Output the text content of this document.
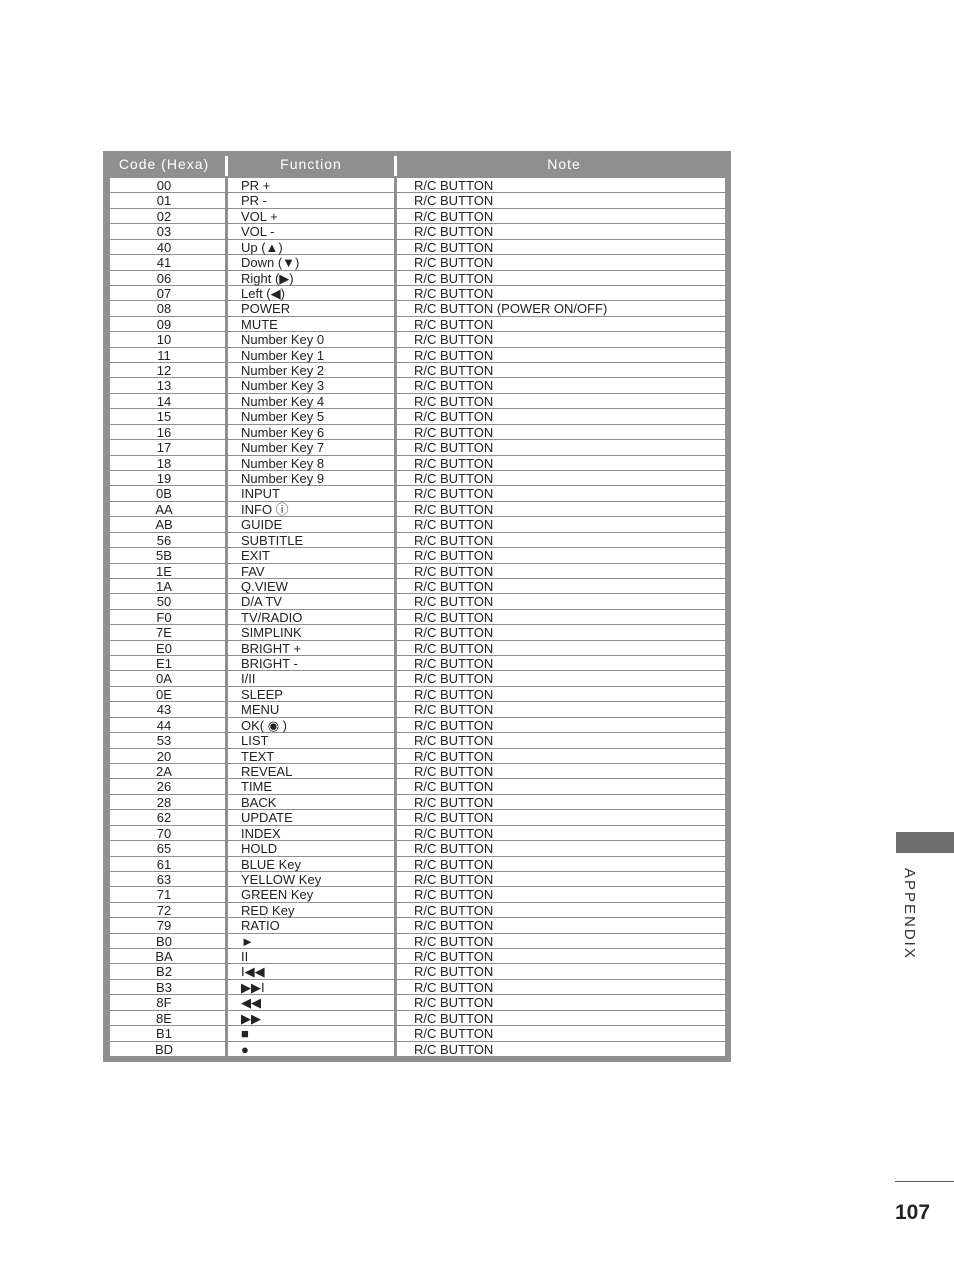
Code (Hexa)	Function	Note
00	PR +	R/C BUTTON
01	PR -	R/C BUTTON
02	VOL +	R/C BUTTON
03	VOL -	R/C BUTTON
40	Up (▲)	R/C BUTTON
41	Down (▼)	R/C BUTTON
06	Right (▶)	R/C BUTTON
07	Left (◀)	R/C BUTTON
08	POWER	R/C BUTTON (POWER ON/OFF)
09	MUTE	R/C BUTTON
10	Number Key 0	R/C BUTTON
11	Number Key 1	R/C BUTTON
12	Number Key 2	R/C BUTTON
13	Number Key 3	R/C BUTTON
14	Number Key 4	R/C BUTTON
15	Number Key 5	R/C BUTTON
16	Number Key 6	R/C BUTTON
17	Number Key 7	R/C BUTTON
18	Number Key 8	R/C BUTTON
19	Number Key 9	R/C BUTTON
0B	INPUT	R/C BUTTON
AA	INFO ⓘ	R/C BUTTON
AB	GUIDE	R/C BUTTON
56	SUBTITLE	R/C BUTTON
5B	EXIT	R/C BUTTON
1E	FAV	R/C BUTTON
1A	Q.VIEW	R/C BUTTON
50	D/A TV	R/C BUTTON
F0	TV/RADIO	R/C BUTTON
7E	SIMPLINK	R/C BUTTON
E0	BRIGHT +	R/C BUTTON
E1	BRIGHT -	R/C BUTTON
0A	I/II	R/C BUTTON
0E	SLEEP	R/C BUTTON
43	MENU	R/C BUTTON
44	OK( ◉ )	R/C BUTTON
53	LIST	R/C BUTTON
20	TEXT	R/C BUTTON
2A	REVEAL	R/C BUTTON
26	TIME	R/C BUTTON
28	BACK	R/C BUTTON
62	UPDATE	R/C BUTTON
70	INDEX	R/C BUTTON
65	HOLD	R/C BUTTON
61	BLUE Key	R/C BUTTON
63	YELLOW Key	R/C BUTTON
71	GREEN Key	R/C BUTTON
72	RED Key	R/C BUTTON
79	RATIO	R/C BUTTON
B0	►	R/C BUTTON
BA	II	R/C BUTTON
B2	I◀◀	R/C BUTTON
B3	▶▶I	R/C BUTTON
8F	◀◀	R/C BUTTON
8E	▶▶	R/C BUTTON
B1	■	R/C BUTTON
BD	●	R/C BUTTON
APPENDIX
107
